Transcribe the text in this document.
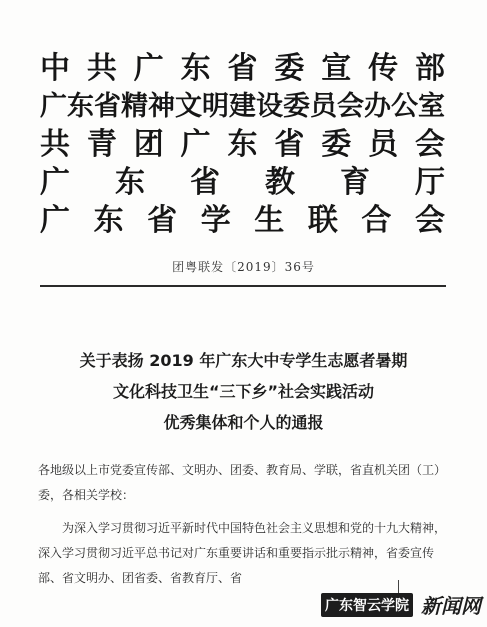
中 共 广 东 省 委 宣 传 部
广东省精神文明建设委员会办公室
共 青 团 广 东 省 委 员 会
广 东 省 教 育 厅
广 东 省 学 生 联 合 会
团粤联发〔2019〕36号
关于表扬 2019 年广东大中专学生志愿者暑期
文化科技卫生“三下乡”社会实践活动
优秀集体和个人的通报
各地级以上市党委宣传部、文明办、团委、教育局、学联，省直机关团（工）委，各相关学校：
为深入学习贯彻习近平新时代中国特色社会主义思想和党的十九大精神，深入学习贯彻习近平总书记对广东重要讲话和重要指示批示精神，省委宣传部、省文明办、团省委、省教育厅、省
广东智云学院 新闻网
